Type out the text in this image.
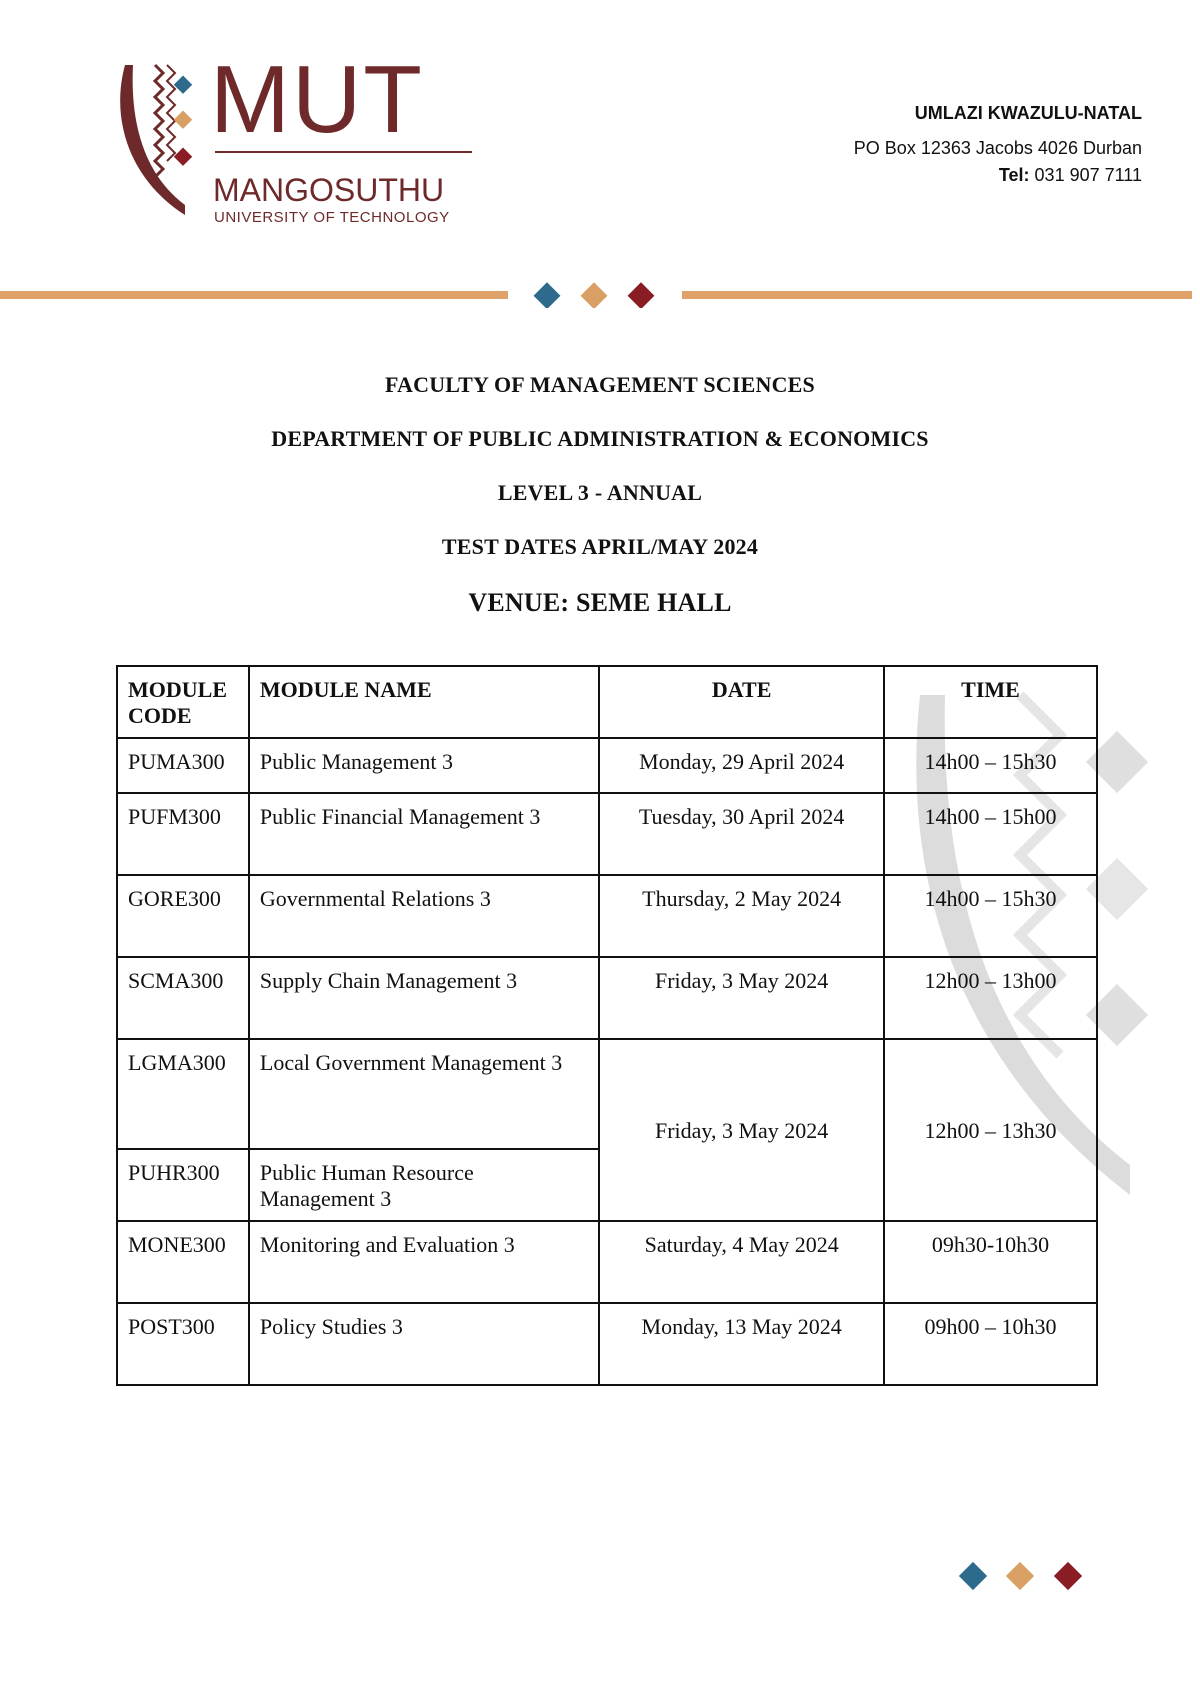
MUT
MANGOSUTHU
UNIVERSITY OF TECHNOLOGY
UMLAZI KWAZULU-NATAL
PO Box 12363 Jacobs 4026 Durban
Tel: 031 907 7111
FACULTY OF MANAGEMENT SCIENCES
DEPARTMENT OF PUBLIC ADMINISTRATION & ECONOMICS
LEVEL 3 - ANNUAL
TEST DATES APRIL/MAY 2024
VENUE: SEME HALL
MODULE CODE	MODULE NAME	DATE	TIME
PUMA300	Public Management 3	Monday, 29 April 2024	14h00 – 15h30
PUFM300	Public Financial Management 3	Tuesday, 30 April 2024	14h00 – 15h00
GORE300	Governmental Relations 3	Thursday, 2 May 2024	14h00 – 15h30
SCMA300	Supply Chain Management 3	Friday, 3 May 2024	12h00 – 13h00
LGMA300	Local Government Management 3	Friday, 3 May 2024	12h00 – 13h30
PUHR300	Public Human Resource Management 3		
MONE300	Monitoring and Evaluation 3	Saturday, 4 May 2024	09h30-10h30
POST300	Policy Studies 3	Monday, 13 May 2024	09h00 – 10h30
